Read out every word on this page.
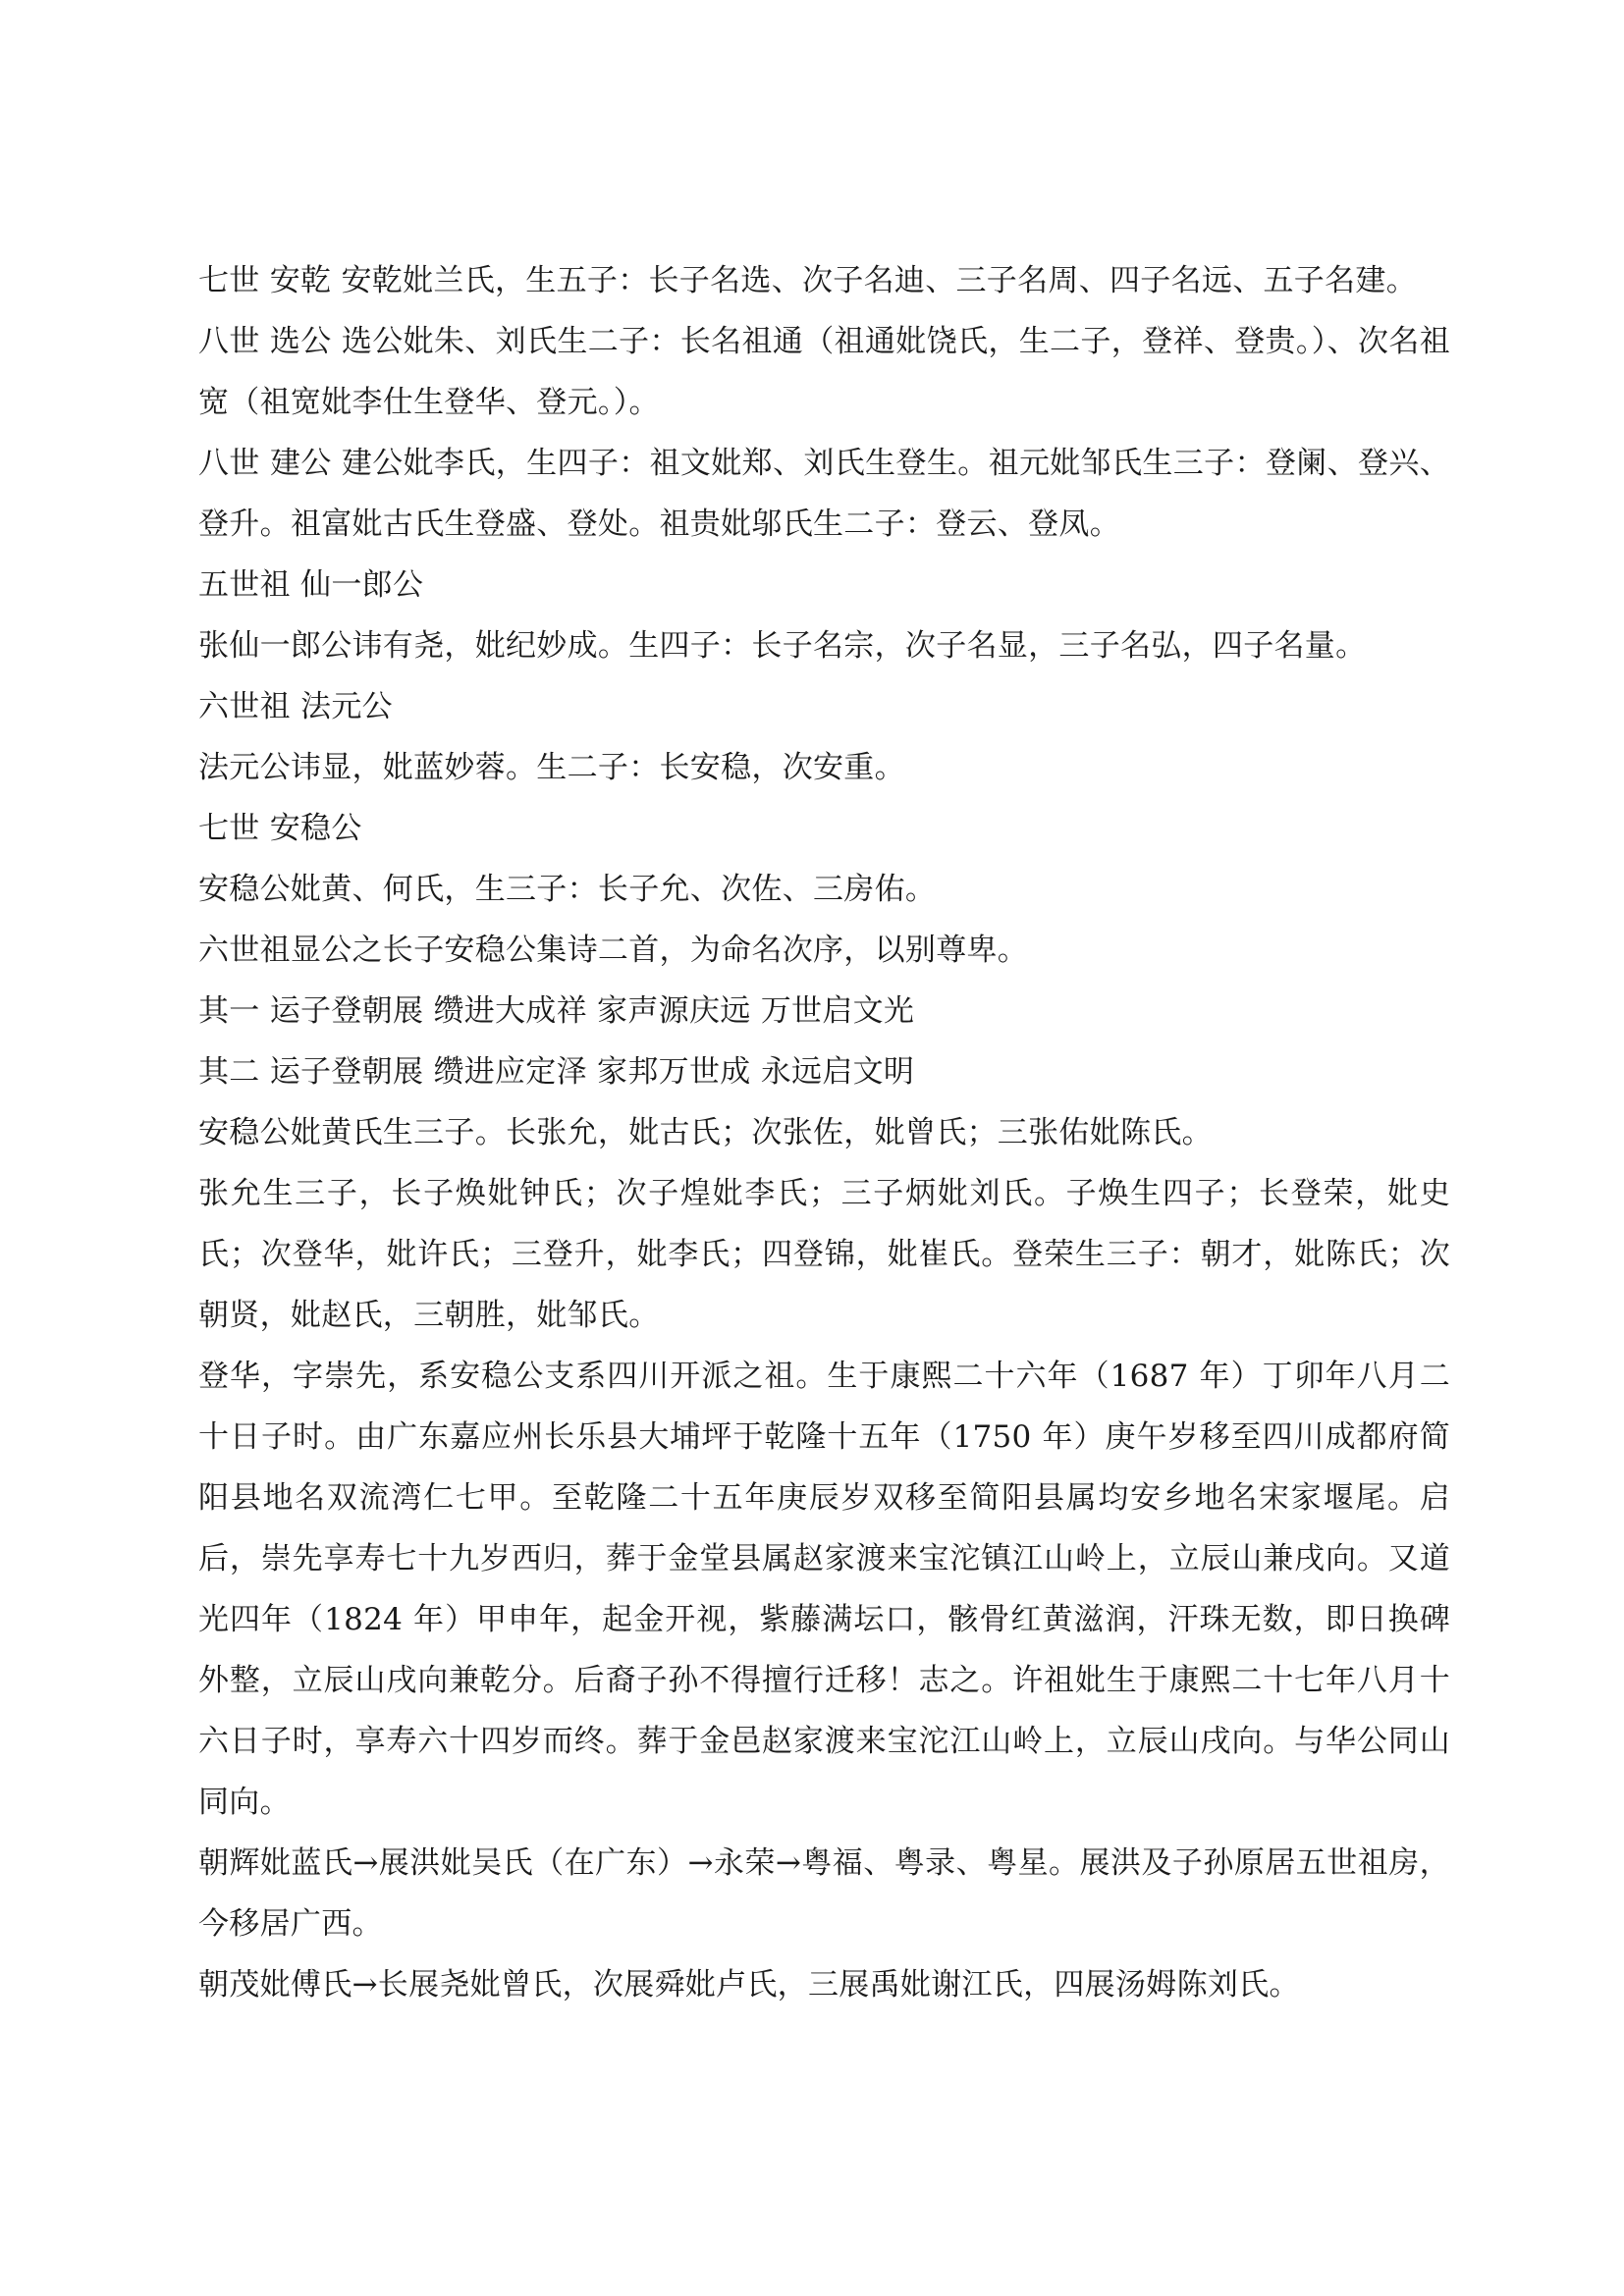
七世 安乾 安乾妣兰氏，生五子：长子名选、次子名迪、三子名周、四子名远、五子名建。

八世 选公 选公妣朱、刘氏生二子：长名祖通（祖通妣饶氏，生二子，登祥、登贵。）、次名祖宽（祖宽妣李仕生登华、登元。）。

八世 建公 建公妣李氏，生四子：祖文妣郑、刘氏生登生。祖元妣邹氏生三子：登阑、登兴、登升。祖富妣古氏生登盛、登处。祖贵妣邬氏生二子：登云、登凤。

五世祖 仙一郎公

张仙一郎公讳有尧，妣纪妙成。生四子：长子名宗，次子名显，三子名弘，四子名量。

六世祖 法元公

法元公讳显，妣蓝妙蓉。生二子：长安稳，次安重。

七世 安稳公

安稳公妣黄、何氏，生三子：长子允、次佐、三房佑。

六世祖显公之长子安稳公集诗二首，为命名次序，以别尊卑。

其一 运子登朝展 缵进大成祥 家声源庆远 万世启文光

其二 运子登朝展 缵进应定泽 家邦万世成 永远启文明

安稳公妣黄氏生三子。长张允，妣古氏；次张佐，妣曾氏；三张佑妣陈氏。

张允生三子，长子焕妣钟氏；次子煌妣李氏；三子炳妣刘氏。子焕生四子；长登荣，妣史氏；次登华，妣许氏；三登升，妣李氏；四登锦，妣崔氏。登荣生三子：朝才，妣陈氏；次朝贤，妣赵氏，三朝胜，妣邹氏。

登华，字崇先，系安稳公支系四川开派之祖。生于康熙二十六年（1687 年）丁卯年八月二十日子时。由广东嘉应州长乐县大埔坪于乾隆十五年（1750 年）庚午岁移至四川成都府简阳县地名双流湾仁七甲。至乾隆二十五年庚辰岁双移至简阳县属均安乡地名宋家堰尾。启后，崇先享寿七十九岁西归，葬于金堂县属赵家渡来宝沱镇江山岭上，立辰山兼戌向。又道光四年（1824 年）甲申年，起金开视，紫藤满坛口，骸骨红黄滋润，汗珠无数，即日换碑外整，立辰山戌向兼乾分。后裔子孙不得擅行迁移！志之。许祖妣生于康熙二十七年八月十六日子时，享寿六十四岁而终。葬于金邑赵家渡来宝沱江山岭上，立辰山戌向。与华公同山同向。

朝辉妣蓝氏→展洪妣吴氏（在广东）→永荣→粤福、粤录、粤星。展洪及子孙原居五世祖房，今移居广西。

朝茂妣傅氏→长展尧妣曾氏，次展舜妣卢氏，三展禹妣谢江氏，四展汤姆陈刘氏。
